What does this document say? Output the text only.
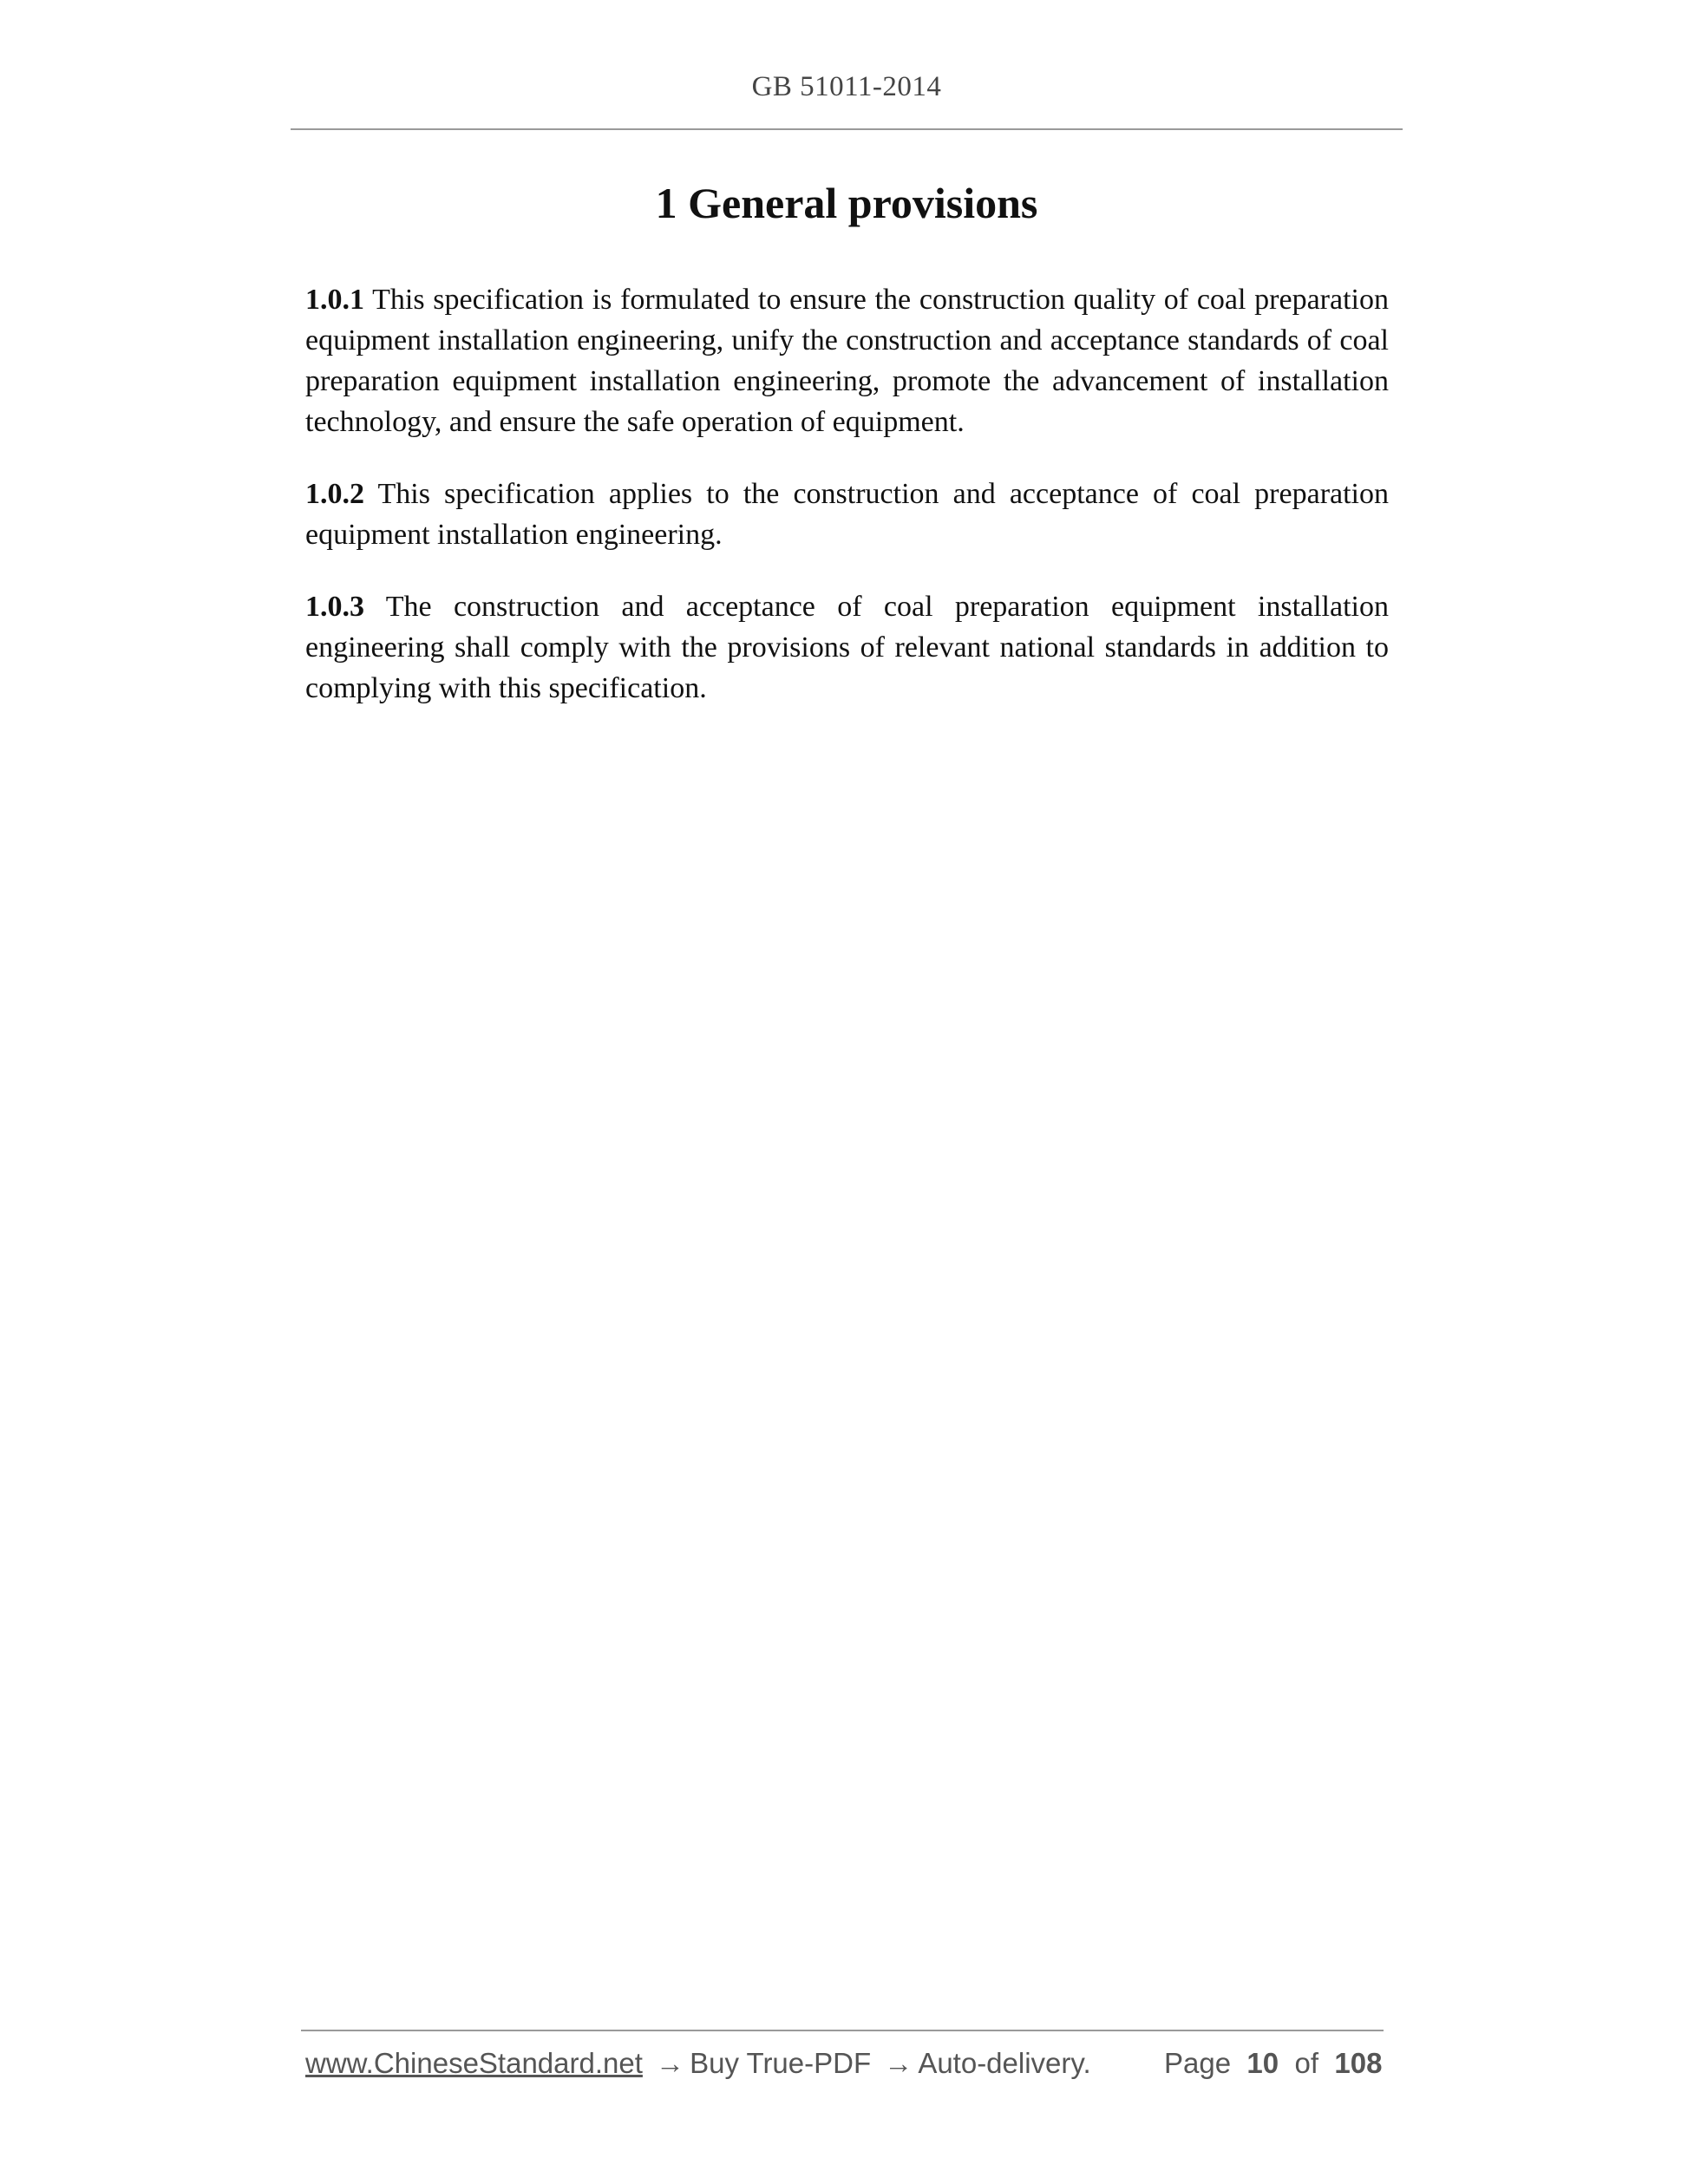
GB 51011-2014
1 General provisions

1.0.1 This specification is formulated to ensure the construction quality of coal preparation equipment installation engineering, unify the construction and acceptance standards of coal preparation equipment installation engineering, promote the advancement of installation technology, and ensure the safe operation of equipment.

1.0.2 This specification applies to the construction and acceptance of coal preparation equipment installation engineering.

1.0.3 The construction and acceptance of coal preparation equipment installation engineering shall comply with the provisions of relevant national standards in addition to complying with this specification.

www.ChineseStandard.net → Buy True-PDF → Auto-delivery.	Page 10 of 108
